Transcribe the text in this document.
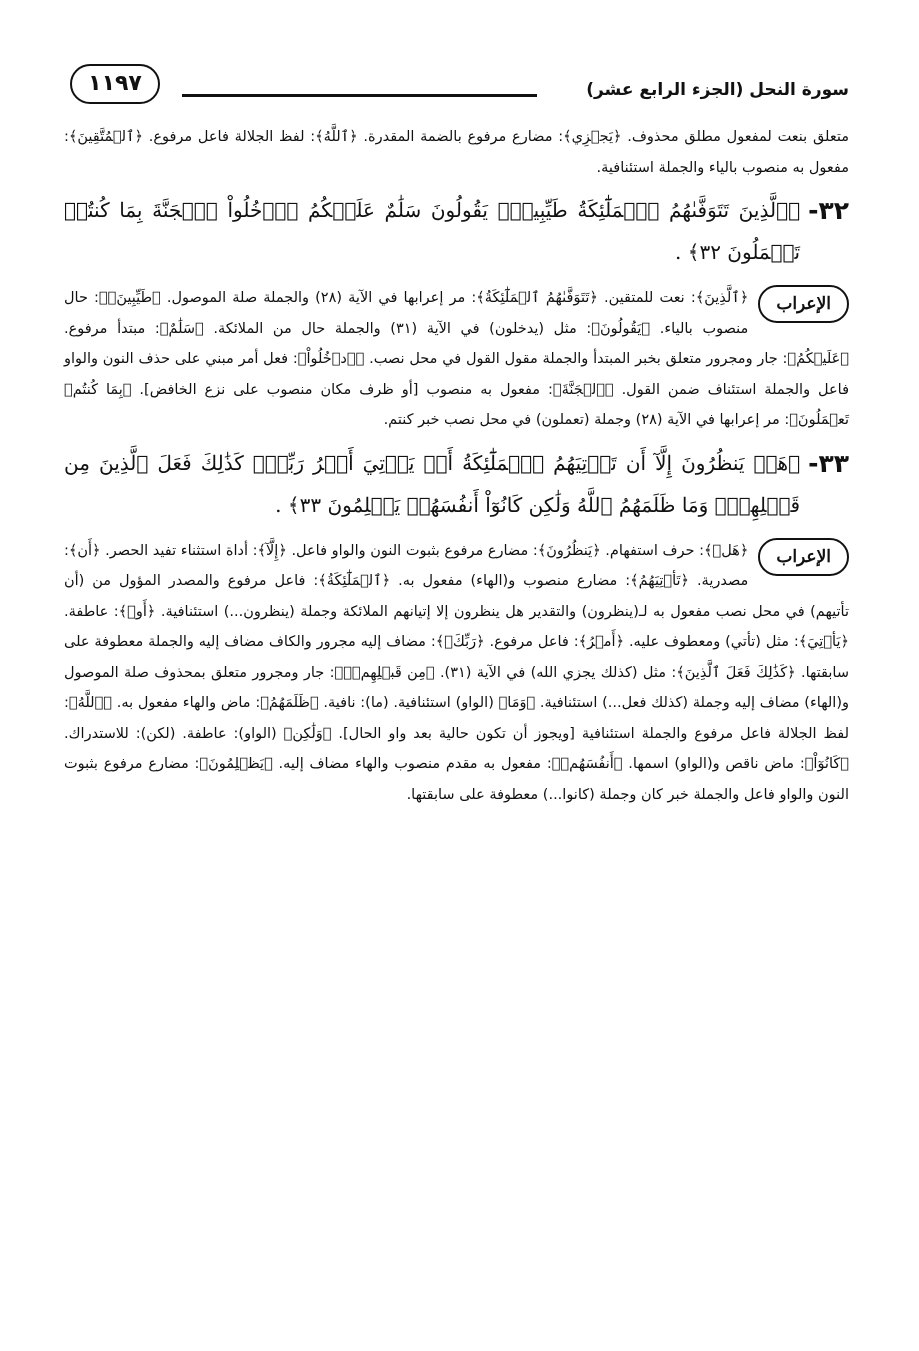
سورة النحل (الجزء الرابع عشر)
١١٩٧

متعلق بنعت لمفعول مطلق محذوف. ﴿يَجۡزِي﴾: مضارع مرفوع بالضمة المقدرة. ﴿ٱللَّهُ﴾: لفظ الجلالة فاعل مرفوع. ﴿ٱلۡمُتَّقِينَ﴾: مفعول به منصوب بالياء والجملة استئنافية.

٣٢-

﴿ٱلَّذِينَ تَتَوَفَّىٰهُمُ ٱلۡمَلَٰٓئِكَةُ طَيِّبِينَۙ يَقُولُونَ سَلَٰمٌ عَلَيۡكُمُ ٱدۡخُلُواْ ٱلۡجَنَّةَ بِمَا كُنتُمۡ تَعۡمَلُونَ ٣٢﴾ .

الإعراب

﴿ٱلَّذِينَ﴾: نعت للمتقين. ﴿تَتَوَفَّىٰهُمُ ٱلۡمَلَٰٓئِكَةُ﴾: مر إعرابها في الآية (٢٨) والجملة صلة الموصول. ﴿طَيِّبِينَۙ﴾: حال منصوب بالياء. ﴿يَقُولُونَ﴾: مثل (يدخلون) في الآية (٣١) والجملة حال من الملائكة. ﴿سَلَٰمٌ﴾: مبتدأ مرفوع. ﴿عَلَيۡكُمُ﴾: جار ومجرور متعلق بخبر المبتدأ والجملة مقول القول في محل نصب. ﴿ٱدۡخُلُواْ﴾: فعل أمر مبني على حذف النون والواو فاعل والجملة استئناف ضمن القول. ﴿ٱلۡجَنَّةَ﴾: مفعول به منصوب [أو ظرف مكان منصوب على نزع الخافض]. ﴿بِمَا كُنتُمۡ تَعۡمَلُونَ﴾: مر إعرابها في الآية (٢٨) وجملة (تعملون) في محل نصب خبر كنتم.

٣٣-

﴿هَلۡ يَنظُرُونَ إِلَّآ أَن تَأۡتِيَهُمُ ٱلۡمَلَٰٓئِكَةُ أَوۡ يَأۡتِيَ أَمۡرُ رَبِّكَۚ كَذَٰلِكَ فَعَلَ ٱلَّذِينَ مِن قَبۡلِهِمۡۚ وَمَا ظَلَمَهُمُ ٱللَّهُ وَلَٰكِن كَانُوٓاْ أَنفُسَهُمۡ يَظۡلِمُونَ ٣٣﴾ .

الإعراب

﴿هَلۡ﴾: حرف استفهام. ﴿يَنظُرُونَ﴾: مضارع مرفوع بثبوت النون والواو فاعل. ﴿إِلَّآ﴾: أداة استثناء تفيد الحصر. ﴿أَن﴾: مصدرية. ﴿تَأۡتِيَهُمُ﴾: مضارع منصوب و(الهاء) مفعول به. ﴿ٱلۡمَلَٰٓئِكَةُ﴾: فاعل مرفوع والمصدر المؤول من (أن تأتيهم) في محل نصب مفعول به لـ(ينظرون) والتقدير هل ينظرون إلا إتيانهم الملائكة وجملة (ينظرون...) استئنافية. ﴿أَوۡ﴾: عاطفة. ﴿يَأۡتِيَ﴾: مثل (تأتي) ومعطوف عليه. ﴿أَمۡرُ﴾: فاعل مرفوع. ﴿رَبِّكَۚ﴾: مضاف إليه مجرور والكاف مضاف إليه والجملة معطوفة على سابقتها. ﴿كَذَٰلِكَ فَعَلَ ٱلَّذِينَ﴾: مثل (كذلك يجزي الله) في الآية (٣١). ﴿مِن قَبۡلِهِمۡۚ﴾: جار ومجرور متعلق بمحذوف صلة الموصول و(الهاء) مضاف إليه وجملة (كذلك فعل...) استئنافية. ﴿وَمَا﴾ (الواو) استئنافية. (ما): نافية. ﴿ظَلَمَهُمُ﴾: ماض والهاء مفعول به. ﴿ٱللَّهُ﴾: لفظ الجلالة فاعل مرفوع والجملة استئنافية [ويجوز أن تكون حالية بعد واو الحال]. ﴿وَلَٰكِن﴾ (الواو): عاطفة. (لكن): للاستدراك. ﴿كَانُوٓاْ﴾: ماض ناقص و(الواو) اسمها. ﴿أَنفُسَهُمۡ﴾: مفعول به مقدم منصوب والهاء مضاف إليه. ﴿يَظۡلِمُونَ﴾: مضارع مرفوع بثبوت النون والواو فاعل والجملة خبر كان وجملة (كانوا...) معطوفة على سابقتها.
